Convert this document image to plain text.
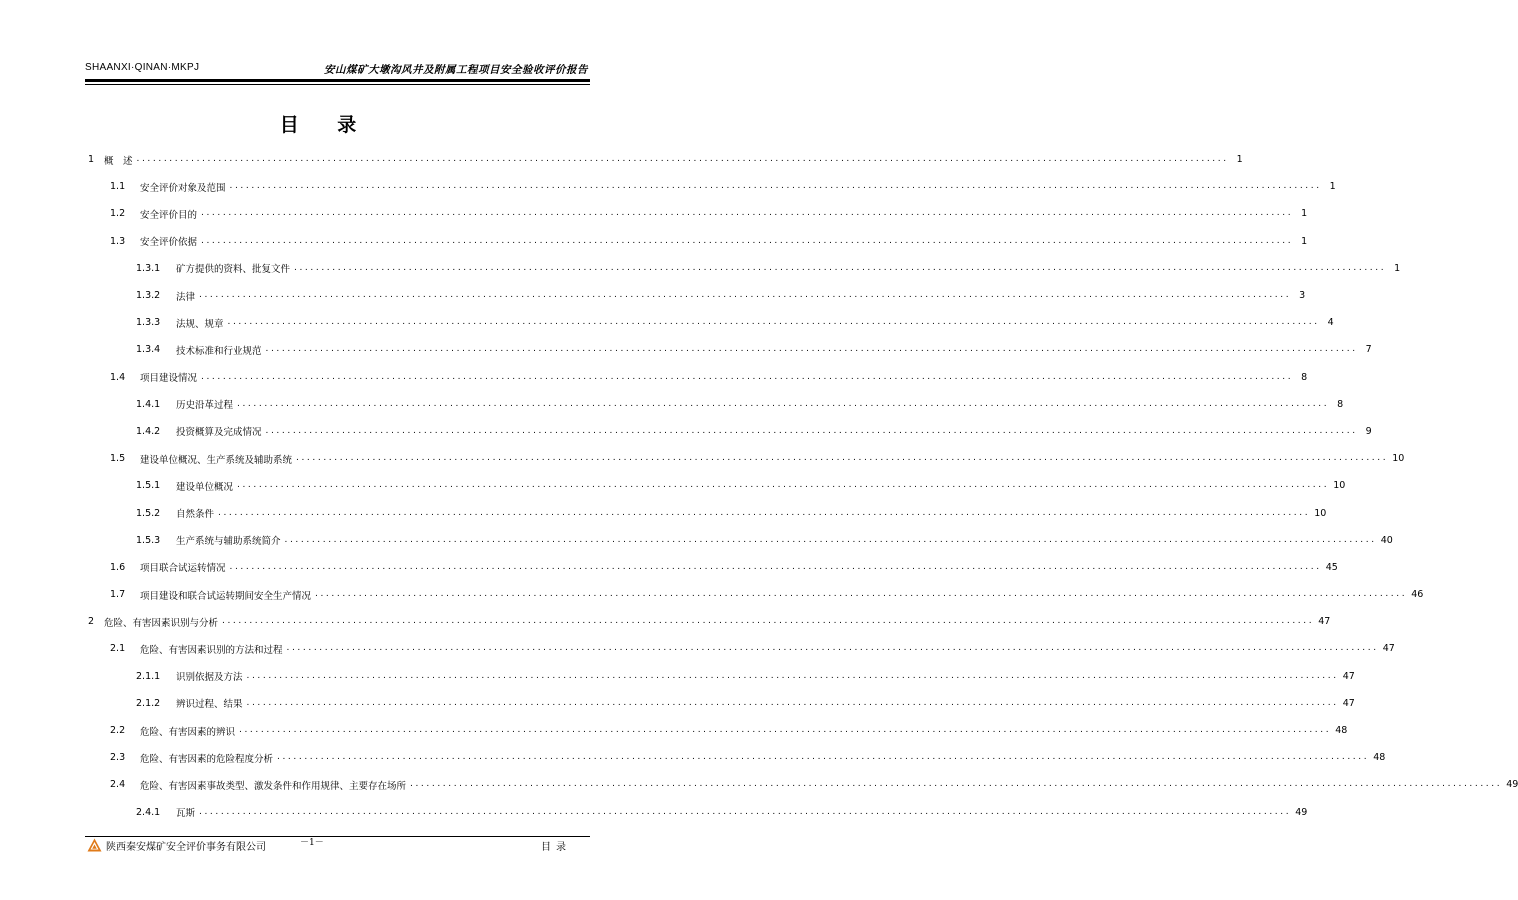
SHAANXI·QINAN·MKPJ	安山煤矿大墩沟风井及附属工程项目安全验收评价报告
目 录
1	概　述 ........................................................................................................................................................................................................ 1
1.1	安全评价对象及范围 ........................................................................................................................................................................................................ 1
1.2	安全评价目的 ........................................................................................................................................................................................................ 1
1.3	安全评价依据 ........................................................................................................................................................................................................ 1
1.3.1	矿方提供的资料、批复文件 ........................................................................................................................................................................................................ 1
1.3.2	法律 ........................................................................................................................................................................................................ 3
1.3.3	法规、规章 ........................................................................................................................................................................................................ 4
1.3.4	技术标准和行业规范 ........................................................................................................................................................................................................ 7
1.4	项目建设情况 ........................................................................................................................................................................................................ 8
1.4.1	历史沿革过程 ........................................................................................................................................................................................................ 8
1.4.2	投资概算及完成情况 ........................................................................................................................................................................................................ 9
1.5	建设单位概况、生产系统及辅助系统 ........................................................................................................................................................................................................ 10
1.5.1	建设单位概况 ........................................................................................................................................................................................................ 10
1.5.2	自然条件 ........................................................................................................................................................................................................ 10
1.5.3	生产系统与辅助系统简介 ........................................................................................................................................................................................................ 40
1.6	项目联合试运转情况 ........................................................................................................................................................................................................ 45
1.7	项目建设和联合试运转期间安全生产情况 ........................................................................................................................................................................................................ 46
2	危险、有害因素识别与分析 ........................................................................................................................................................................................................ 47
2.1	危险、有害因素识别的方法和过程 ........................................................................................................................................................................................................ 47
2.1.1	识别依据及方法 ........................................................................................................................................................................................................ 47
2.1.2	辨识过程、结果 ........................................................................................................................................................................................................ 47
2.2	危险、有害因素的辨识 ........................................................................................................................................................................................................ 48
2.3	危险、有害因素的危险程度分析 ........................................................................................................................................................................................................ 48
2.4	危险、有害因素事故类型、激发条件和作用规律、主要存在场所 ........................................................................................................................................................................................................ 49
2.4.1	瓦斯 ........................................................................................................................................................................................................ 49
陕西秦安煤矿安全评价事务有限公司	－1－	目录
